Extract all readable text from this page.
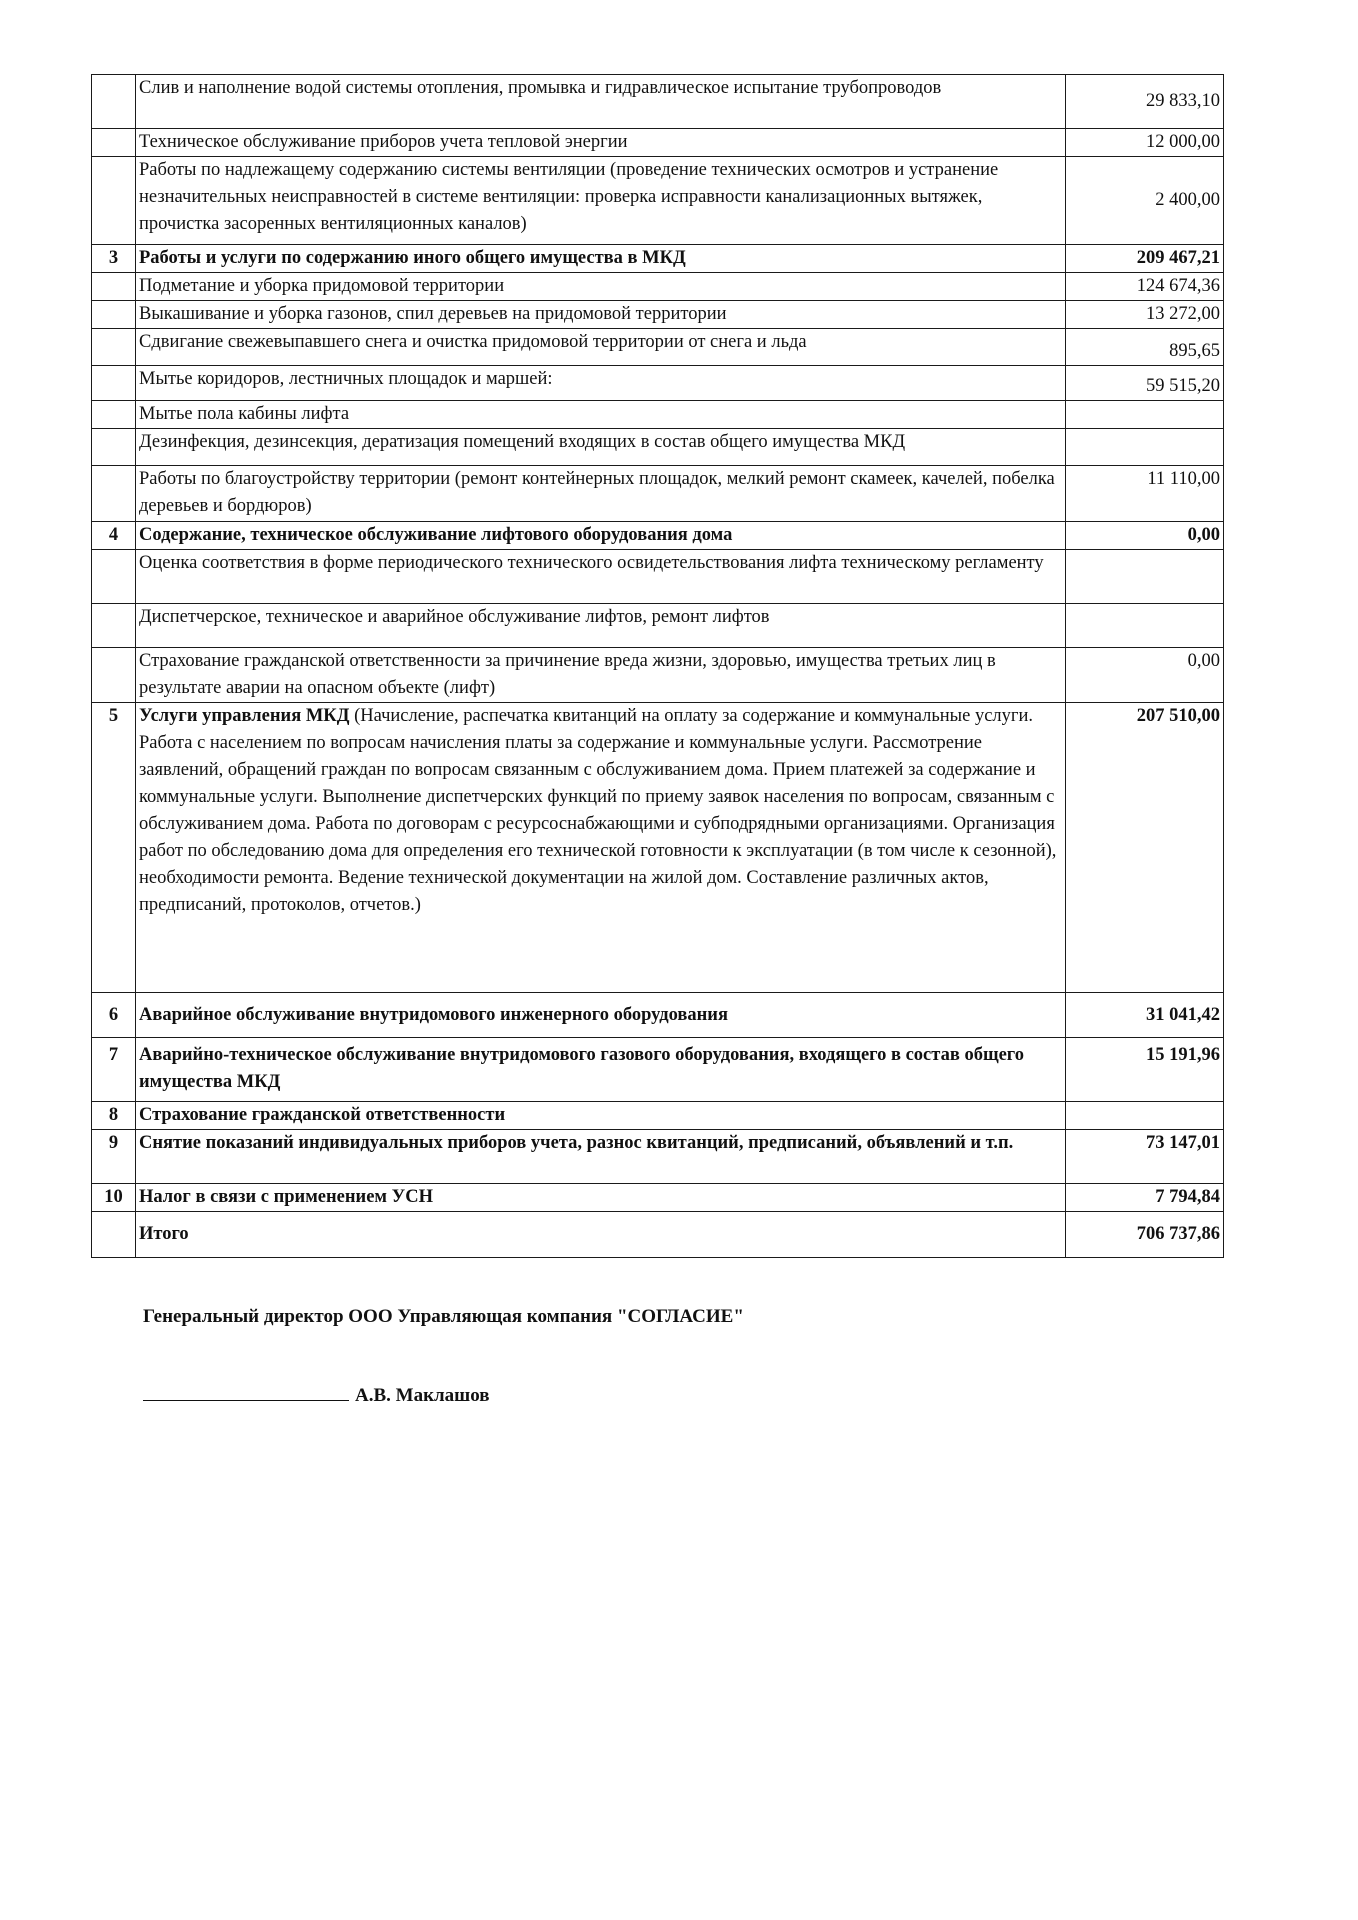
	Слив и наполнение водой системы отопления, промывка и гидравлическое испытание трубопроводов	29 833,10
	Техническое обслуживание приборов учета тепловой энергии	12 000,00
	Работы по надлежащему содержанию системы вентиляции (проведение технических осмотров и устранение незначительных неисправностей в системе вентиляции: проверка исправности канализационных вытяжек, прочистка засоренных вентиляционных каналов)	2 400,00
3	Работы и услуги по содержанию иного общего имущества в МКД	209 467,21
	Подметание и уборка придомовой территории	124 674,36
	Выкашивание и уборка газонов, спил деревьев на придомовой территории	13 272,00
	Сдвигание свежевыпавшего снега и очистка придомовой территории от снега и льда	895,65
	Мытье коридоров, лестничных площадок и маршей:	59 515,20
	Мытье пола кабины лифта	
	Дезинфекция, дезинсекция, дератизация помещений входящих в состав общего имущества МКД	
	Работы по благоустройству территории (ремонт контейнерных площадок, мелкий ремонт скамеек, качелей, побелка деревьев и бордюров)	11 110,00
4	Содержание, техническое обслуживание лифтового оборудования дома	0,00
	Оценка соответствия в форме периодического технического освидетельствования лифта техническому регламенту	
	Диспетчерское, техническое и аварийное обслуживание лифтов, ремонт лифтов	
	Страхование гражданской ответственности за причинение вреда жизни, здоровью, имущества третьих лиц в результате аварии на опасном объекте (лифт)	0,00
5	Услуги управления МКД (Начисление, распечатка квитанций на оплату за содержание и коммунальные услуги. Работа с населением по вопросам начисления платы за содержание и коммунальные услуги. Рассмотрение заявлений, обращений граждан по вопросам связанным с обслуживанием дома. Прием платежей за содержание и коммунальные услуги. Выполнение диспетчерских функций по приему заявок населения по вопросам, связанным с обслуживанием дома. Работа по договорам с ресурсоснабжающими и субподрядными организациями. Организация работ по обследованию дома для определения его технической готовности к эксплуатации (в том числе к сезонной), необходимости ремонта. Ведение технической документации на жилой дом. Составление различных актов, предписаний, протоколов, отчетов.)	207 510,00
6	Аварийное обслуживание внутридомового инженерного оборудования	31 041,42
7	Аварийно-техническое обслуживание внутридомового газового оборудования, входящего в состав общего имущества МКД	15 191,96
8	Страхование гражданской ответственности	
9	Снятие показаний индивидуальных приборов учета, разнос квитанций, предписаний, объявлений и т.п.	73 147,01
10	Налог в связи с применением УСН	7 794,84
	Итого	706 737,86
Генеральный директор ООО Управляющая компания "СОГЛАСИЕ"
А.В. Маклашов
